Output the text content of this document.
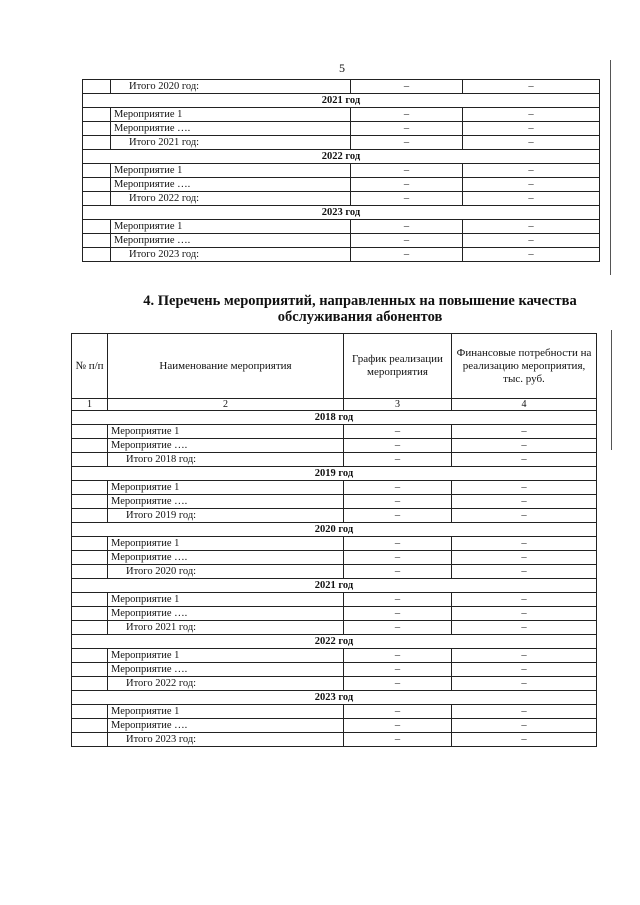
5
	Итого 2020 год:	–	–
2021 год			
	Мероприятие 1	–	–
	Мероприятие ….	–	–
	Итого 2021 год:	–	–
2022 год			
	Мероприятие 1	–	–
	Мероприятие ….	–	–
	Итого 2022 год:	–	–
2023 год			
	Мероприятие 1	–	–
	Мероприятие ….	–	–
	Итого 2023 год:	–	–
4. Перечень мероприятий, направленных на повышение качества обслуживания абонентов
№ п/п	Наименование мероприятия	График реализации мероприятия	Финансовые потребности на реализацию мероприятия, тыс. руб.
1	2	3	4
2018 год			
	Мероприятие 1	–	–
	Мероприятие ….	–	–
	Итого 2018 год:	–	–
2019 год			
	Мероприятие 1	–	–
	Мероприятие ….	–	–
	Итого 2019 год:	–	–
2020 год			
	Мероприятие 1	–	–
	Мероприятие ….	–	–
	Итого 2020 год:	–	–
2021 год			
	Мероприятие 1	–	–
	Мероприятие ….	–	–
	Итого 2021 год:	–	–
2022 год			
	Мероприятие 1	–	–
	Мероприятие ….	–	–
	Итого 2022 год:	–	–
2023 год			
	Мероприятие 1	–	–
	Мероприятие ….	–	–
	Итого 2023 год:	–	–
